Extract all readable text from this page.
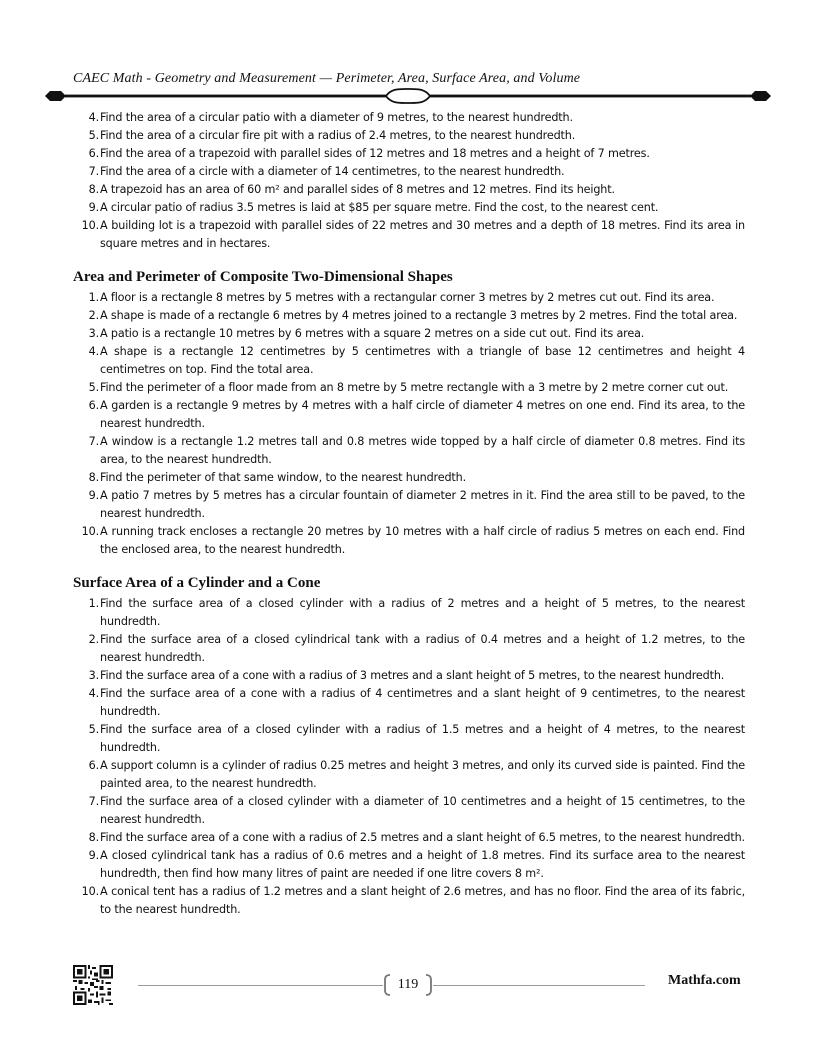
CAEC Math - Geometry and Measurement — Perimeter, Area, Surface Area, and Volume
4. Find the area of a circular patio with a diameter of 9 metres, to the nearest hundredth.
5. Find the area of a circular fire pit with a radius of 2.4 metres, to the nearest hundredth.
6. Find the area of a trapezoid with parallel sides of 12 metres and 18 metres and a height of 7 metres.
7. Find the area of a circle with a diameter of 14 centimetres, to the nearest hundredth.
8. A trapezoid has an area of 60 m² and parallel sides of 8 metres and 12 metres. Find its height.
9. A circular patio of radius 3.5 metres is laid at $85 per square metre. Find the cost, to the nearest cent.
10. A building lot is a trapezoid with parallel sides of 22 metres and 30 metres and a depth of 18 metres. Find its area in square metres and in hectares.
Area and Perimeter of Composite Two-Dimensional Shapes
1. A floor is a rectangle 8 metres by 5 metres with a rectangular corner 3 metres by 2 metres cut out. Find its area.
2. A shape is made of a rectangle 6 metres by 4 metres joined to a rectangle 3 metres by 2 metres. Find the total area.
3. A patio is a rectangle 10 metres by 6 metres with a square 2 metres on a side cut out. Find its area.
4. A shape is a rectangle 12 centimetres by 5 centimetres with a triangle of base 12 centimetres and height 4 centimetres on top. Find the total area.
5. Find the perimeter of a floor made from an 8 metre by 5 metre rectangle with a 3 metre by 2 metre corner cut out.
6. A garden is a rectangle 9 metres by 4 metres with a half circle of diameter 4 metres on one end. Find its area, to the nearest hundredth.
7. A window is a rectangle 1.2 metres tall and 0.8 metres wide topped by a half circle of diameter 0.8 metres. Find its area, to the nearest hundredth.
8. Find the perimeter of that same window, to the nearest hundredth.
9. A patio 7 metres by 5 metres has a circular fountain of diameter 2 metres in it. Find the area still to be paved, to the nearest hundredth.
10. A running track encloses a rectangle 20 metres by 10 metres with a half circle of radius 5 metres on each end. Find the enclosed area, to the nearest hundredth.
Surface Area of a Cylinder and a Cone
1. Find the surface area of a closed cylinder with a radius of 2 metres and a height of 5 metres, to the nearest hundredth.
2. Find the surface area of a closed cylindrical tank with a radius of 0.4 metres and a height of 1.2 metres, to the nearest hundredth.
3. Find the surface area of a cone with a radius of 3 metres and a slant height of 5 metres, to the nearest hundredth.
4. Find the surface area of a cone with a radius of 4 centimetres and a slant height of 9 centimetres, to the nearest hundredth.
5. Find the surface area of a closed cylinder with a radius of 1.5 metres and a height of 4 metres, to the nearest hundredth.
6. A support column is a cylinder of radius 0.25 metres and height 3 metres, and only its curved side is painted. Find the painted area, to the nearest hundredth.
7. Find the surface area of a closed cylinder with a diameter of 10 centimetres and a height of 15 centimetres, to the nearest hundredth.
8. Find the surface area of a cone with a radius of 2.5 metres and a slant height of 6.5 metres, to the nearest hundredth.
9. A closed cylindrical tank has a radius of 0.6 metres and a height of 1.8 metres. Find its surface area to the nearest hundredth, then find how many litres of paint are needed if one litre covers 8 m².
10. A conical tent has a radius of 1.2 metres and a slant height of 2.6 metres, and has no floor. Find the area of its fabric, to the nearest hundredth.
119	Mathfa.com
